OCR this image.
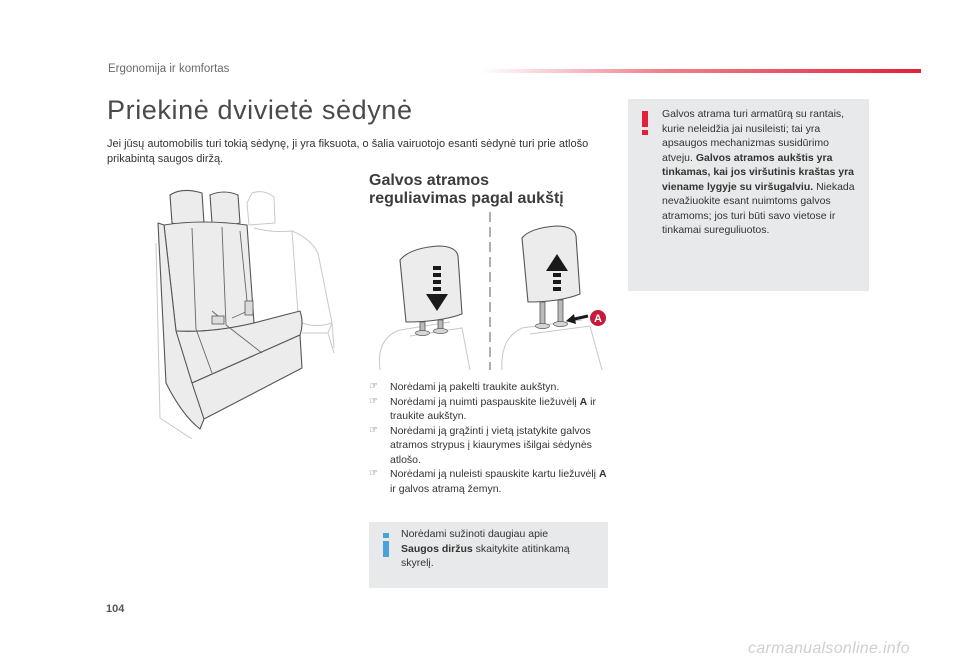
Ergonomija ir komfortas
Priekinė dvivietė sėdynė
Jei jūsų automobilis turi tokią sėdynę, ji yra fiksuota, o šalia vairuotojo esanti sėdynė turi prie atlošo prikabintą saugos diržą.
Galvos atramos
reguliavimas pagal aukštį
A
☞ Norėdami ją pakelti traukite aukštyn.
☞ Norėdami ją nuimti paspauskite liežuvėlį A ir traukite aukštyn.
☞ Norėdami ją grąžinti į vietą įstatykite galvos atramos strypus į kiaurymes išilgai sėdynės atlošo.
☞ Norėdami ją nuleisti spauskite kartu liežuvėlį A ir galvos atramą žemyn.
Norėdami sužinoti daugiau apie
Saugos diržus skaitykite atitinkamą skyrelį.
Galvos atrama turi armatūrą su rantais, kurie neleidžia jai nusileisti; tai yra apsaugos mechanizmas susidūrimo atveju. Galvos atramos aukštis yra tinkamas, kai jos viršutinis kraštas yra viename lygyje su viršugalviu. Niekada nevažiuokite esant nuimtoms galvos atramoms; jos turi būti savo vietose ir tinkamai sureguliuotos.
104
carmanualsonline.info
